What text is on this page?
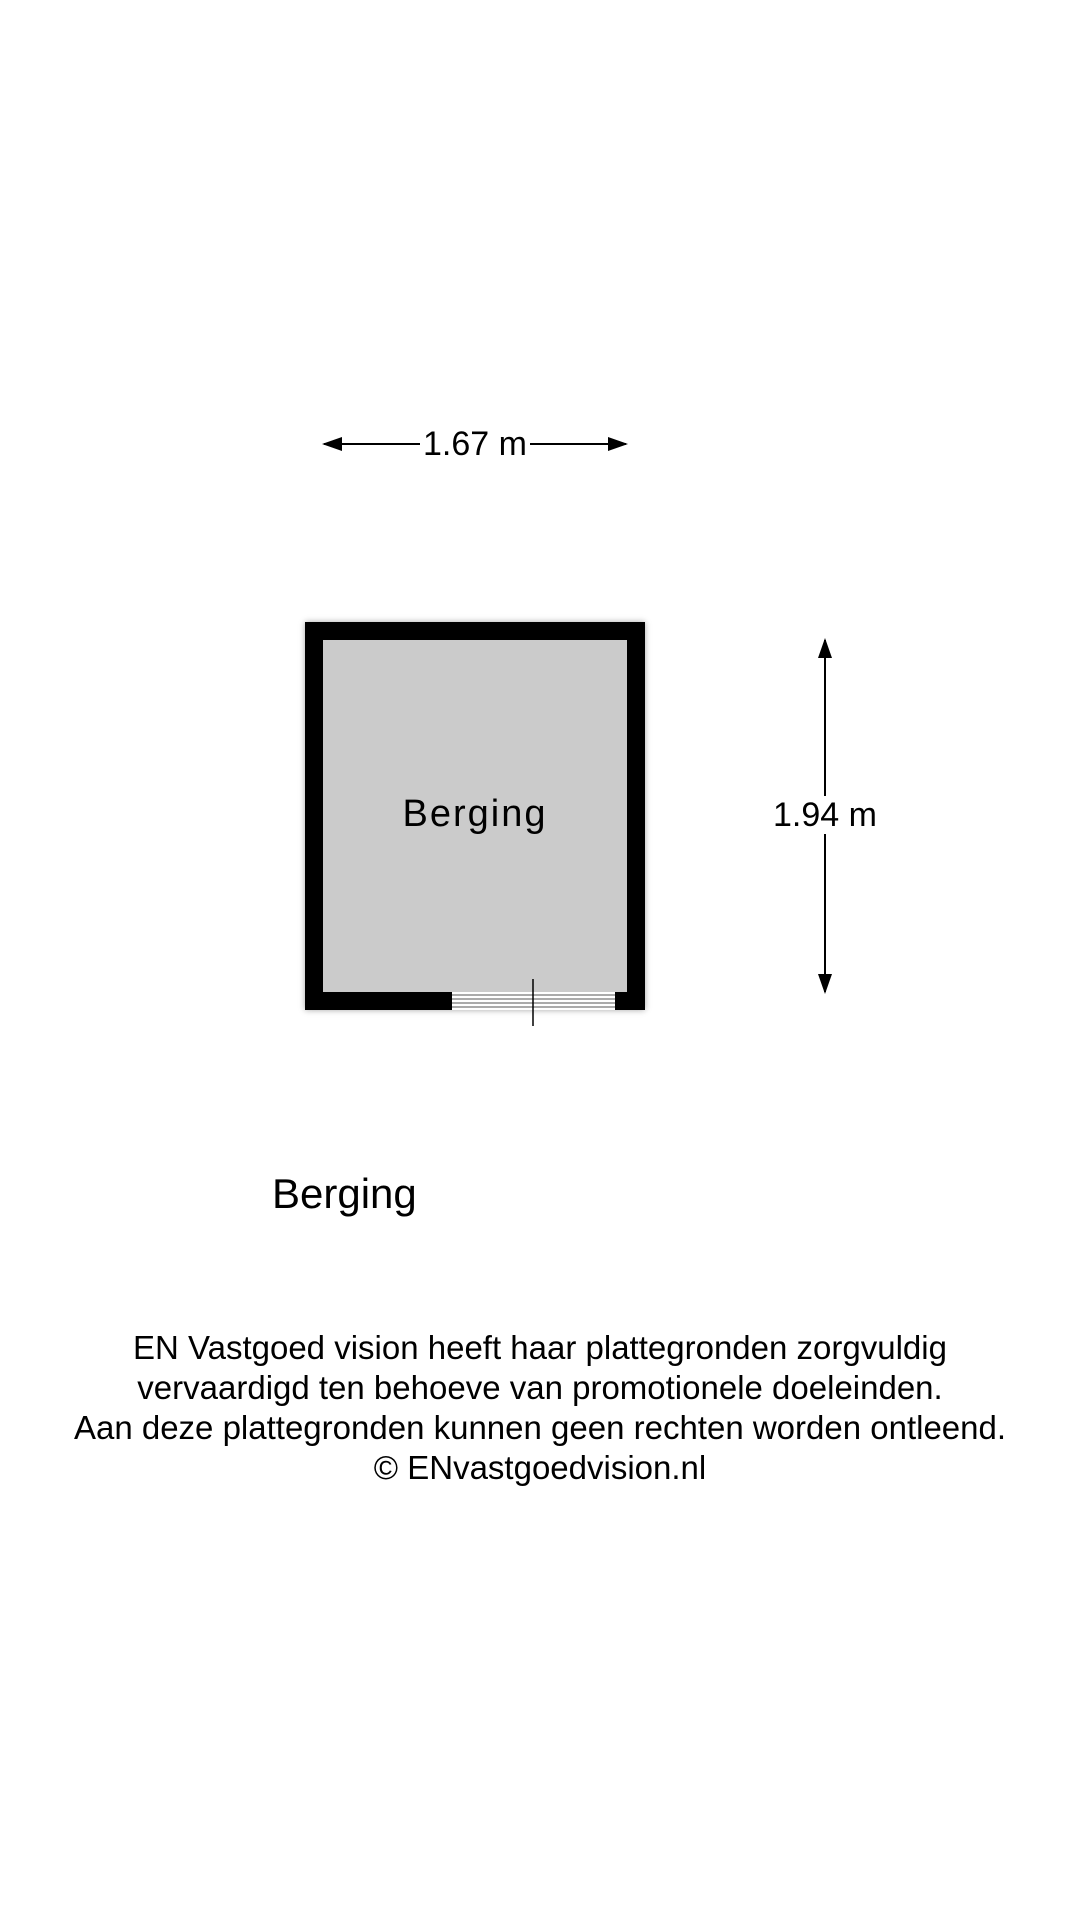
1.67 m
Berging	1.94 m
Berging
EN Vastgoed vision heeft haar plattegronden zorgvuldig
vervaardigd ten behoeve van promotionele doeleinden.
Aan deze plattegronden kunnen geen rechten worden ontleend.
© ENvastgoedvision.nl
